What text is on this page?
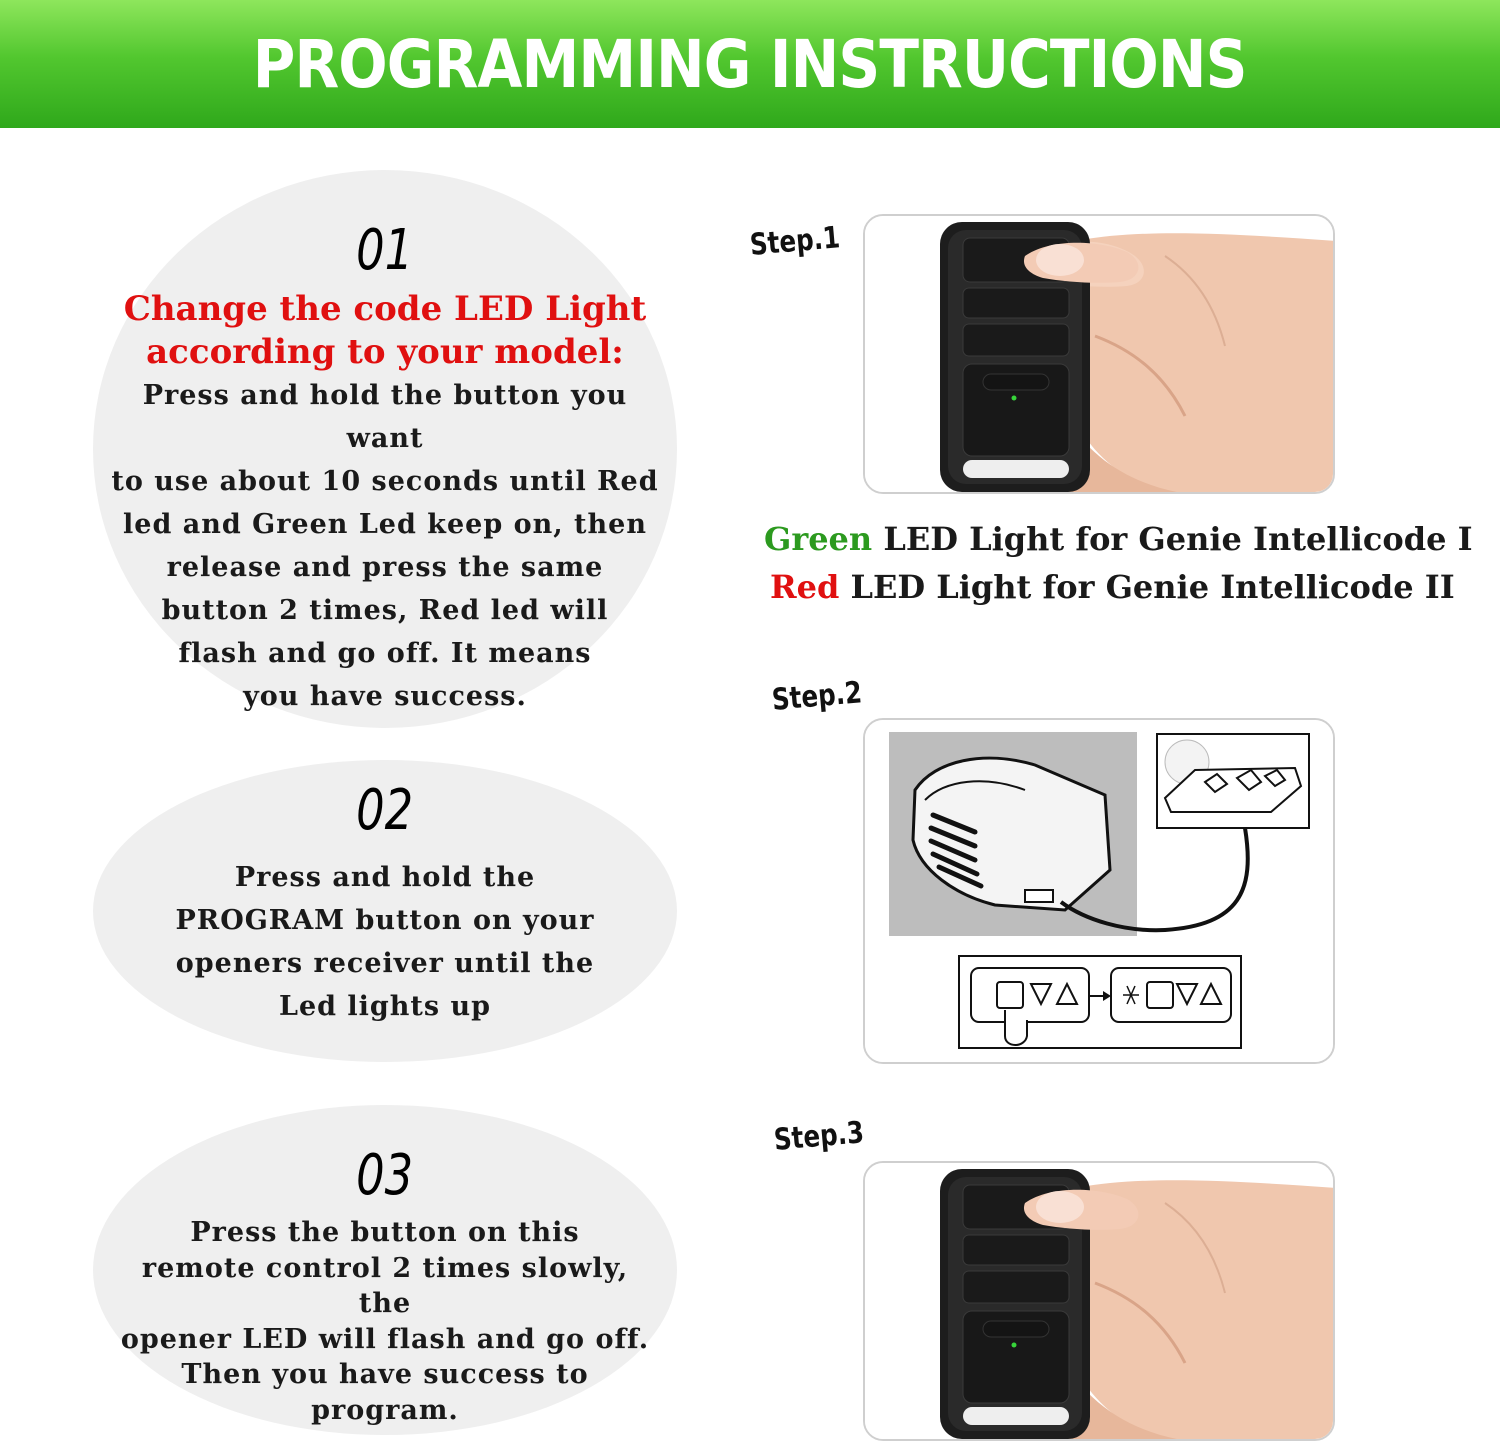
PROGRAMMING INSTRUCTIONS
01
Change the code LED Light
according to your model:
Press and hold the button you want
to use about 10 seconds until Red
led and Green Led keep on, then
release and press the same
button 2 times, Red led will
flash and go off. It means
you have success.
02
Press and hold the
PROGRAM button on your
openers receiver until the
Led lights up
03
Press the button on this
remote control 2 times slowly, the
opener LED will flash and go off.
Then you have success to
program.
Step.1
Step.2
Step.3
Green LED Light for Genie Intellicode I
Red LED Light for Genie Intellicode II
